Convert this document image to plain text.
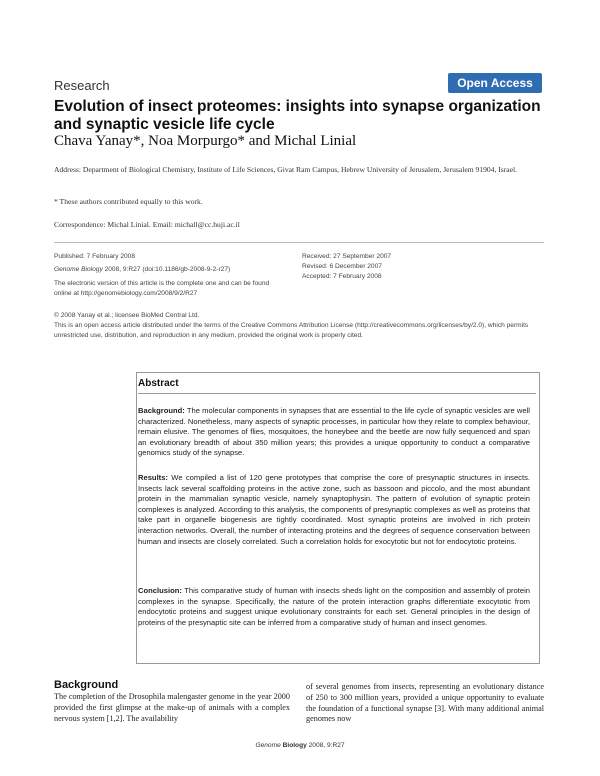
Research	Open Access
Evolution of insect proteomes: insights into synapse organization and synaptic vesicle life cycle
Chava Yanay*, Noa Morpurgo* and Michal Linial
Address: Department of Biological Chemistry, Institute of Life Sciences, Givat Ram Campus, Hebrew University of Jerusalem, Jerusalem 91904, Israel.
* These authors contributed equally to this work.
Correspondence: Michal Linial. Email: michall@cc.huji.ac.il
Published: 7 February 2008
Genome Biology 2008, 9:R27 (doi:10.1186/gb-2008-9-2-r27)
The electronic version of this article is the complete one and can be found online at http://genomebiology.com/2008/9/2/R27
Received: 27 September 2007
Revised: 6 December 2007
Accepted: 7 February 2008
© 2008 Yanay et al.; licensee BioMed Central Ltd.
This is an open access article distributed under the terms of the Creative Commons Attribution License (http://creativecommons.org/licenses/by/2.0), which permits unrestricted use, distribution, and reproduction in any medium, provided the original work is properly cited.
Abstract
Background: The molecular components in synapses that are essential to the life cycle of synaptic vesicles are well characterized. Nonetheless, many aspects of synaptic processes, in particular how they relate to complex behaviour, remain elusive. The genomes of flies, mosquitoes, the honeybee and the beetle are now fully sequenced and span an evolutionary breadth of about 350 million years; this provides a unique opportunity to conduct a comparative genomics study of the synapse.
Results: We compiled a list of 120 gene prototypes that comprise the core of presynaptic structures in insects. Insects lack several scaffolding proteins in the active zone, such as bassoon and piccolo, and the most abundant protein in the mammalian synaptic vesicle, namely synaptophysin. The pattern of evolution of synaptic protein complexes is analyzed. According to this analysis, the components of presynaptic complexes as well as proteins that take part in organelle biogenesis are tightly coordinated. Most synaptic proteins are involved in rich protein interaction networks. Overall, the number of interacting proteins and the degrees of sequence conservation between human and insects are closely correlated. Such a correlation holds for exocytotic but not for endocytotic proteins.
Conclusion: This comparative study of human with insects sheds light on the composition and assembly of protein complexes in the synapse. Specifically, the nature of the protein interaction graphs differentiate exocytotic from endocytotic proteins and suggest unique evolutionary constraints for each set. General principles in the design of proteins of the presynaptic site can be inferred from a comparative study of human and insect genomes.
Background
The completion of the Drosophila malengaster genome in the year 2000 provided the first glimpse at the make-up of animals with a complex nervous system [1,2]. The availability
of several genomes from insects, representing an evolutionary distance of 250 to 300 million years, provided a unique opportunity to evaluate the foundation of a functional synapse [3]. With many additional animal genomes now
Genome Biology 2008, 9:R27
